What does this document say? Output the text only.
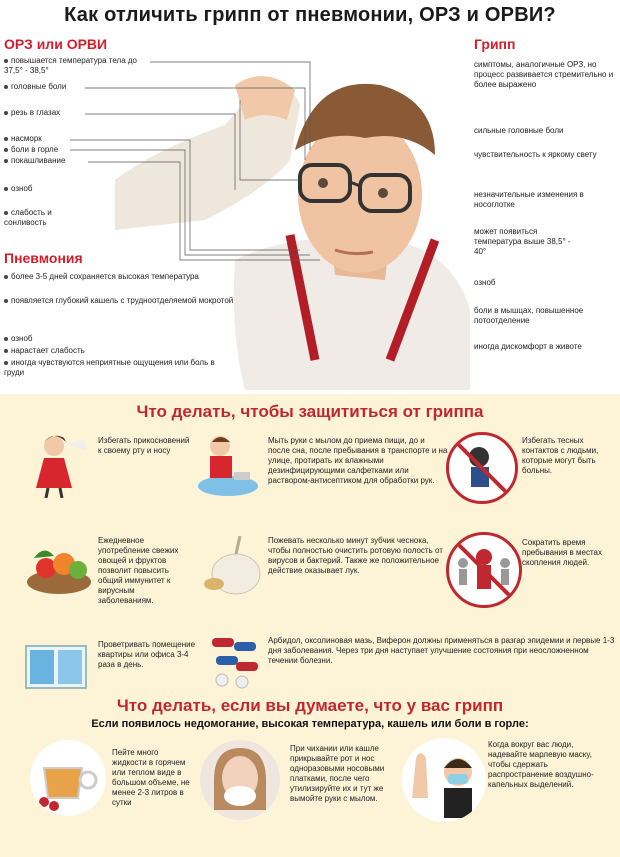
Как отличить грипп от пневмонии, ОРЗ и ОРВИ?
ОРЗ или ОРВИ
повышается температура тела до 37,5° - 38,5°
головные боли
резь в глазах
насморк
боли в горле
покашливание
озноб
слабость и сонливость
Пневмония
более 3-5 дней сохраняется высокая температура
появляется глубокий кашель с трудноотделяемой мокротой
озноб
нарастает слабость
иногда чувствуются неприятные ощущения или боль в груди
Грипп
симптомы, аналогичные ОРЗ, но процесс развивается стремительно и более выражено
сильные головные боли
чувствительность к яркому свету
незначительные изменения в носоглотке
может появиться температура выше 38,5° - 40°
озноб
боли в мышцах, повышенное потоотделение
иногда дискомфорт в животе
Что делать, чтобы защититься от гриппа
Избегать прикосновений к своему рту и носу
Мыть руки с мылом до приема пищи, до и после сна, после пребывания в транспорте и на улице, протирать их влажными дезинфицирующими салфетками или раствором-антисептиком для обработки рук.
Избегать тесных контактов с людьми, которые могут быть больны.
Ежедневное употребление свежих овощей и фруктов позволит повысить общий иммунитет к вирусным заболеваниям.
Пожевать несколько минут зубчик чеснока, чтобы полностью очистить ротовую полость от вирусов и бактерий. Также же положительное действие оказывает лук.
Сократить время пребывания в местах скопления людей.
Проветривать помещение квартиры или офиса 3-4 раза в день.
Арбидол, оксолиновая мазь, Виферон должны применяться в разгар эпидемии и первые 1-3 дня заболевания. Через три дня наступает улучшение состояния при неосложненном течении болезни.
Что делать, если вы думаете, что у вас грипп
Если появилось недомогание, высокая температура, кашель или боли в горле:
Пейте много жидкости в горячем или теплом виде в большом объеме, не менее 2-3 литров в сутки
При чихании или кашле прикрывайте рот и нос одноразовыми носовыми платками, после чего утилизируйте их и тут же вымойте руки с мылом.
Когда вокруг вас люди, надевайте марлевую маску, чтобы сдержать распространение воздушно-капельных выделений.
